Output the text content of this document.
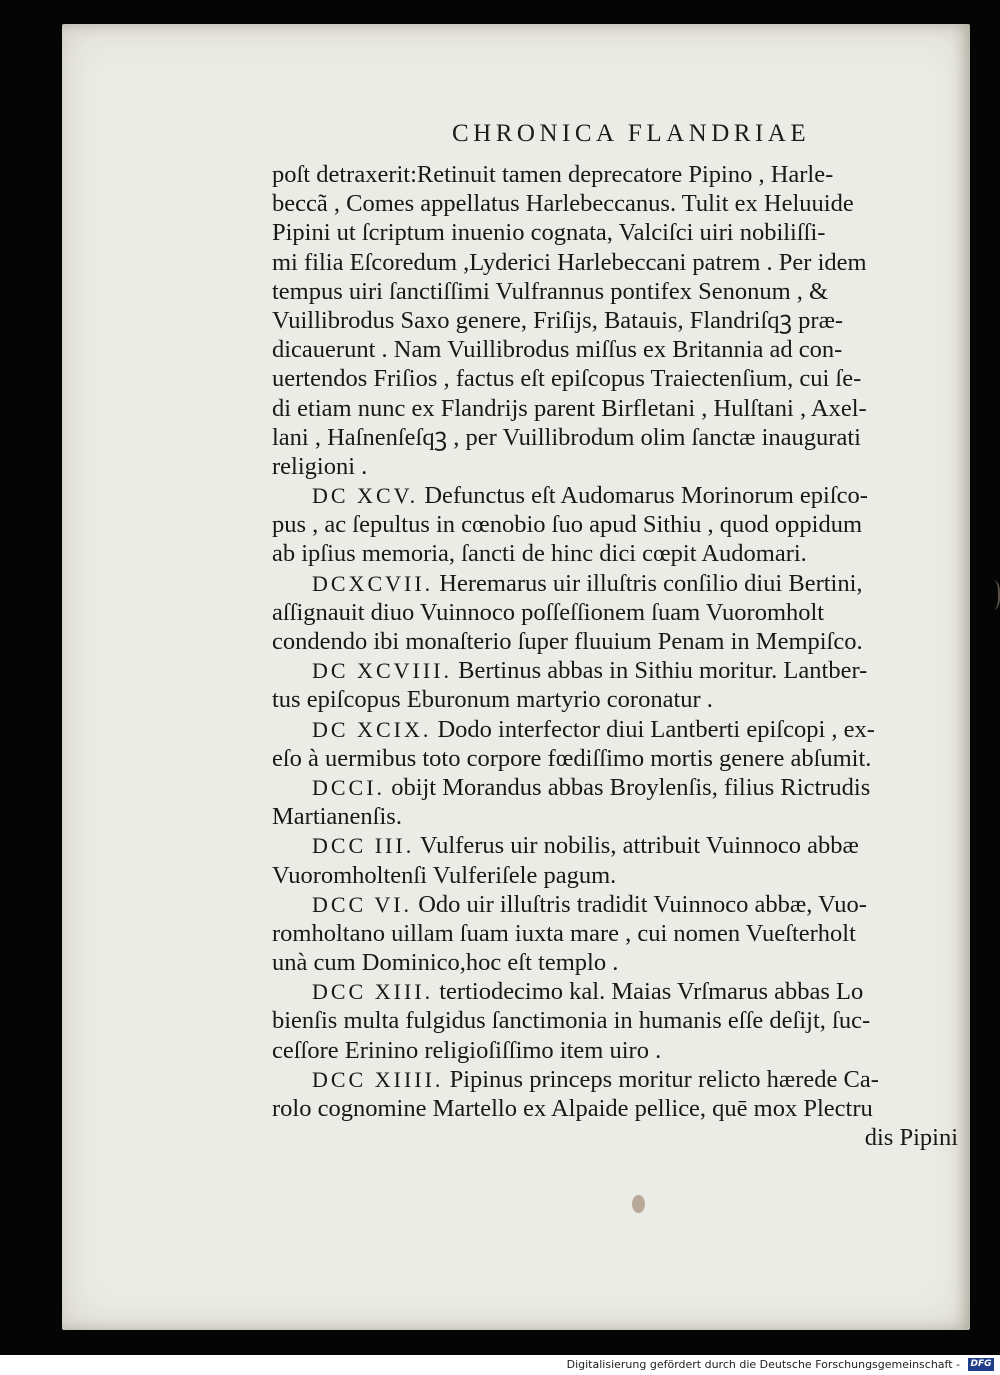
CHRONICA FLANDRIAE
poſt detraxerit:Retinuit tamen deprecatore Pipino , Harle-
beccã , Comes appellatus Harlebeccanus. Tulit ex Heluuide
Pipini ut ſcriptum inuenio cognata, Valciſci uiri nobiliſſi-
mi filia Eſcoredum ,Lyderici Harlebeccani patrem . Per idem
tempus uiri ſanctiſſimi Vulfrannus pontifex Senonum , &
Vuillibrodus Saxo genere, Friſijs, Batauis, Flandriſqꝫ præ-
dicauerunt . Nam Vuillibrodus miſſus ex Britannia ad con-
uertendos Friſios , factus eſt epiſcopus Traiectenſium, cui ſe-
di etiam nunc ex Flandrijs parent Birfletani , Hulſtani , Axel-
lani , Haſnenſeſqꝫ , per Vuillibrodum olim ſanctæ inaugurati
religioni .
DC XCV. Defunctus eſt Audomarus Morinorum epiſco-
pus , ac ſepultus in cœnobio ſuo apud Sithiu , quod oppidum
ab ipſius memoria, ſancti de hinc dici cœpit Audomari.
DCXCVII. Heremarus uir illuſtris conſilio diui Bertini,
aſſignauit diuo Vuinnoco poſſeſſionem ſuam Vuoromholt
condendo ibi monaſterio ſuper fluuium Penam in Mempiſco.
DC XCVIII. Bertinus abbas in Sithiu moritur. Lantber-
tus epiſcopus Eburonum martyrio coronatur .
DC XCIX. Dodo interfector diui Lantberti epiſcopi , ex-
eſo à uermibus toto corpore fœdiſſimo mortis genere abſumit.
DCCI. obijt Morandus abbas Broylenſis, filius Rictrudis
Martianenſis.
DCC III. Vulferus uir nobilis, attribuit Vuinnoco abbæ
Vuoromholtenſi Vulferiſele pagum.
DCC VI. Odo uir illuſtris tradidit Vuinnoco abbæ, Vuo-
romholtano uillam ſuam iuxta mare , cui nomen Vueſterholt
unà cum Dominico,hoc eſt templo .
DCC XIII. tertiodecimo kal. Maias Vrſmarus abbas Lo
bienſis multa fulgidus ſanctimonia in humanis eſſe deſijt, ſuc-
ceſſore Erinino religioſiſſimo item uiro .
DCC XIIII. Pipinus princeps moritur relicto hærede Ca-
rolo cognomine Martello ex Alpaide pellice, quē mox Plectru
dis Pipini
Digitalisierung gefördert durch die Deutsche Forschungsgemeinschaft - DFG
